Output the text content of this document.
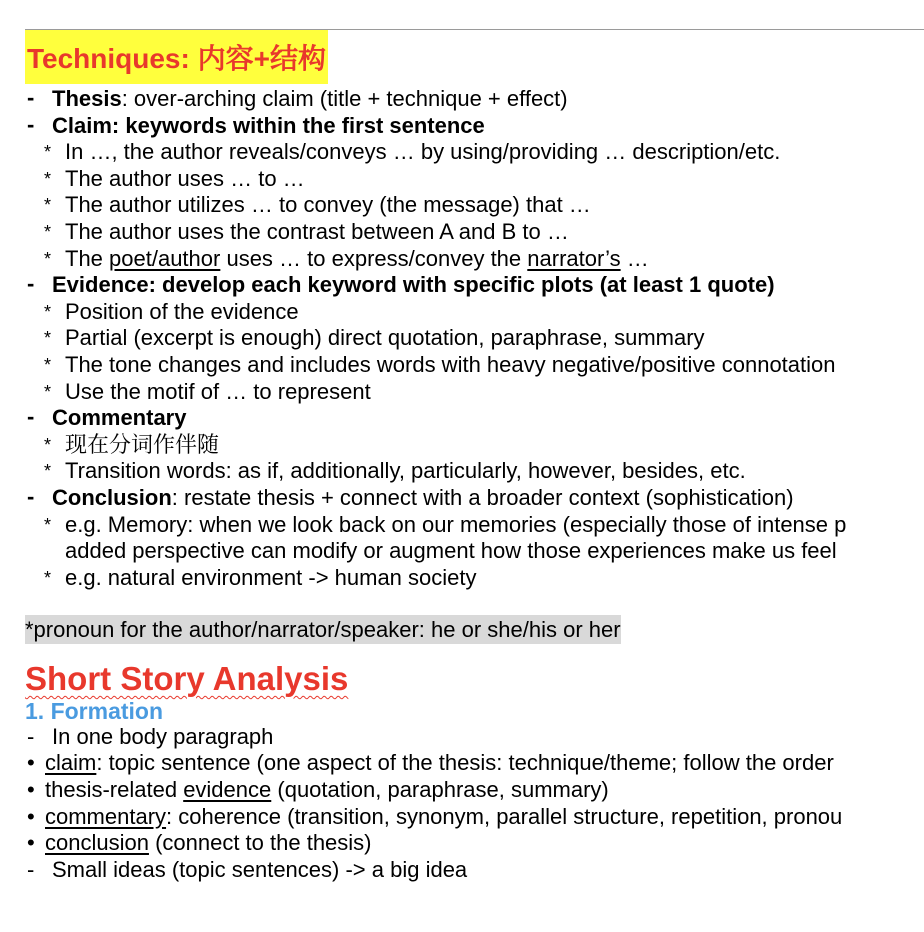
Techniques: 内容+结构
- Thesis: over-arching claim (title + technique + effect)
- Claim: keywords within the first sentence
* In …, the author reveals/conveys … by using/providing … description/etc.
* The author uses … to …
* The author utilizes … to convey (the message) that …
* The author uses the contrast between A and B to …
* The poet/author uses … to express/convey the narrator’s …
- Evidence: develop each keyword with specific plots (at least 1 quote)
* Position of the evidence
* Partial (excerpt is enough) direct quotation, paraphrase, summary
* The tone changes and includes words with heavy negative/positive connotation
* Use the motif of … to represent
- Commentary
* 现在分词作伴随
* Transition words: as if, additionally, particularly, however, besides, etc.
- Conclusion: restate thesis + connect with a broader context (sophistication)
* e.g. Memory: when we look back on our memories (especially those of intense p
added perspective can modify or augment how those experiences make us feel
* e.g. natural environment -> human society
*pronoun for the author/narrator/speaker: he or she/his or her
Short Story Analysis
1. Formation
- In one body paragraph
• claim: topic sentence (one aspect of the thesis: technique/theme; follow the order
• thesis-related evidence (quotation, paraphrase, summary)
• commentary: coherence (transition, synonym, parallel structure, repetition, pronou
• conclusion (connect to the thesis)
- Small ideas (topic sentences) -> a big idea
